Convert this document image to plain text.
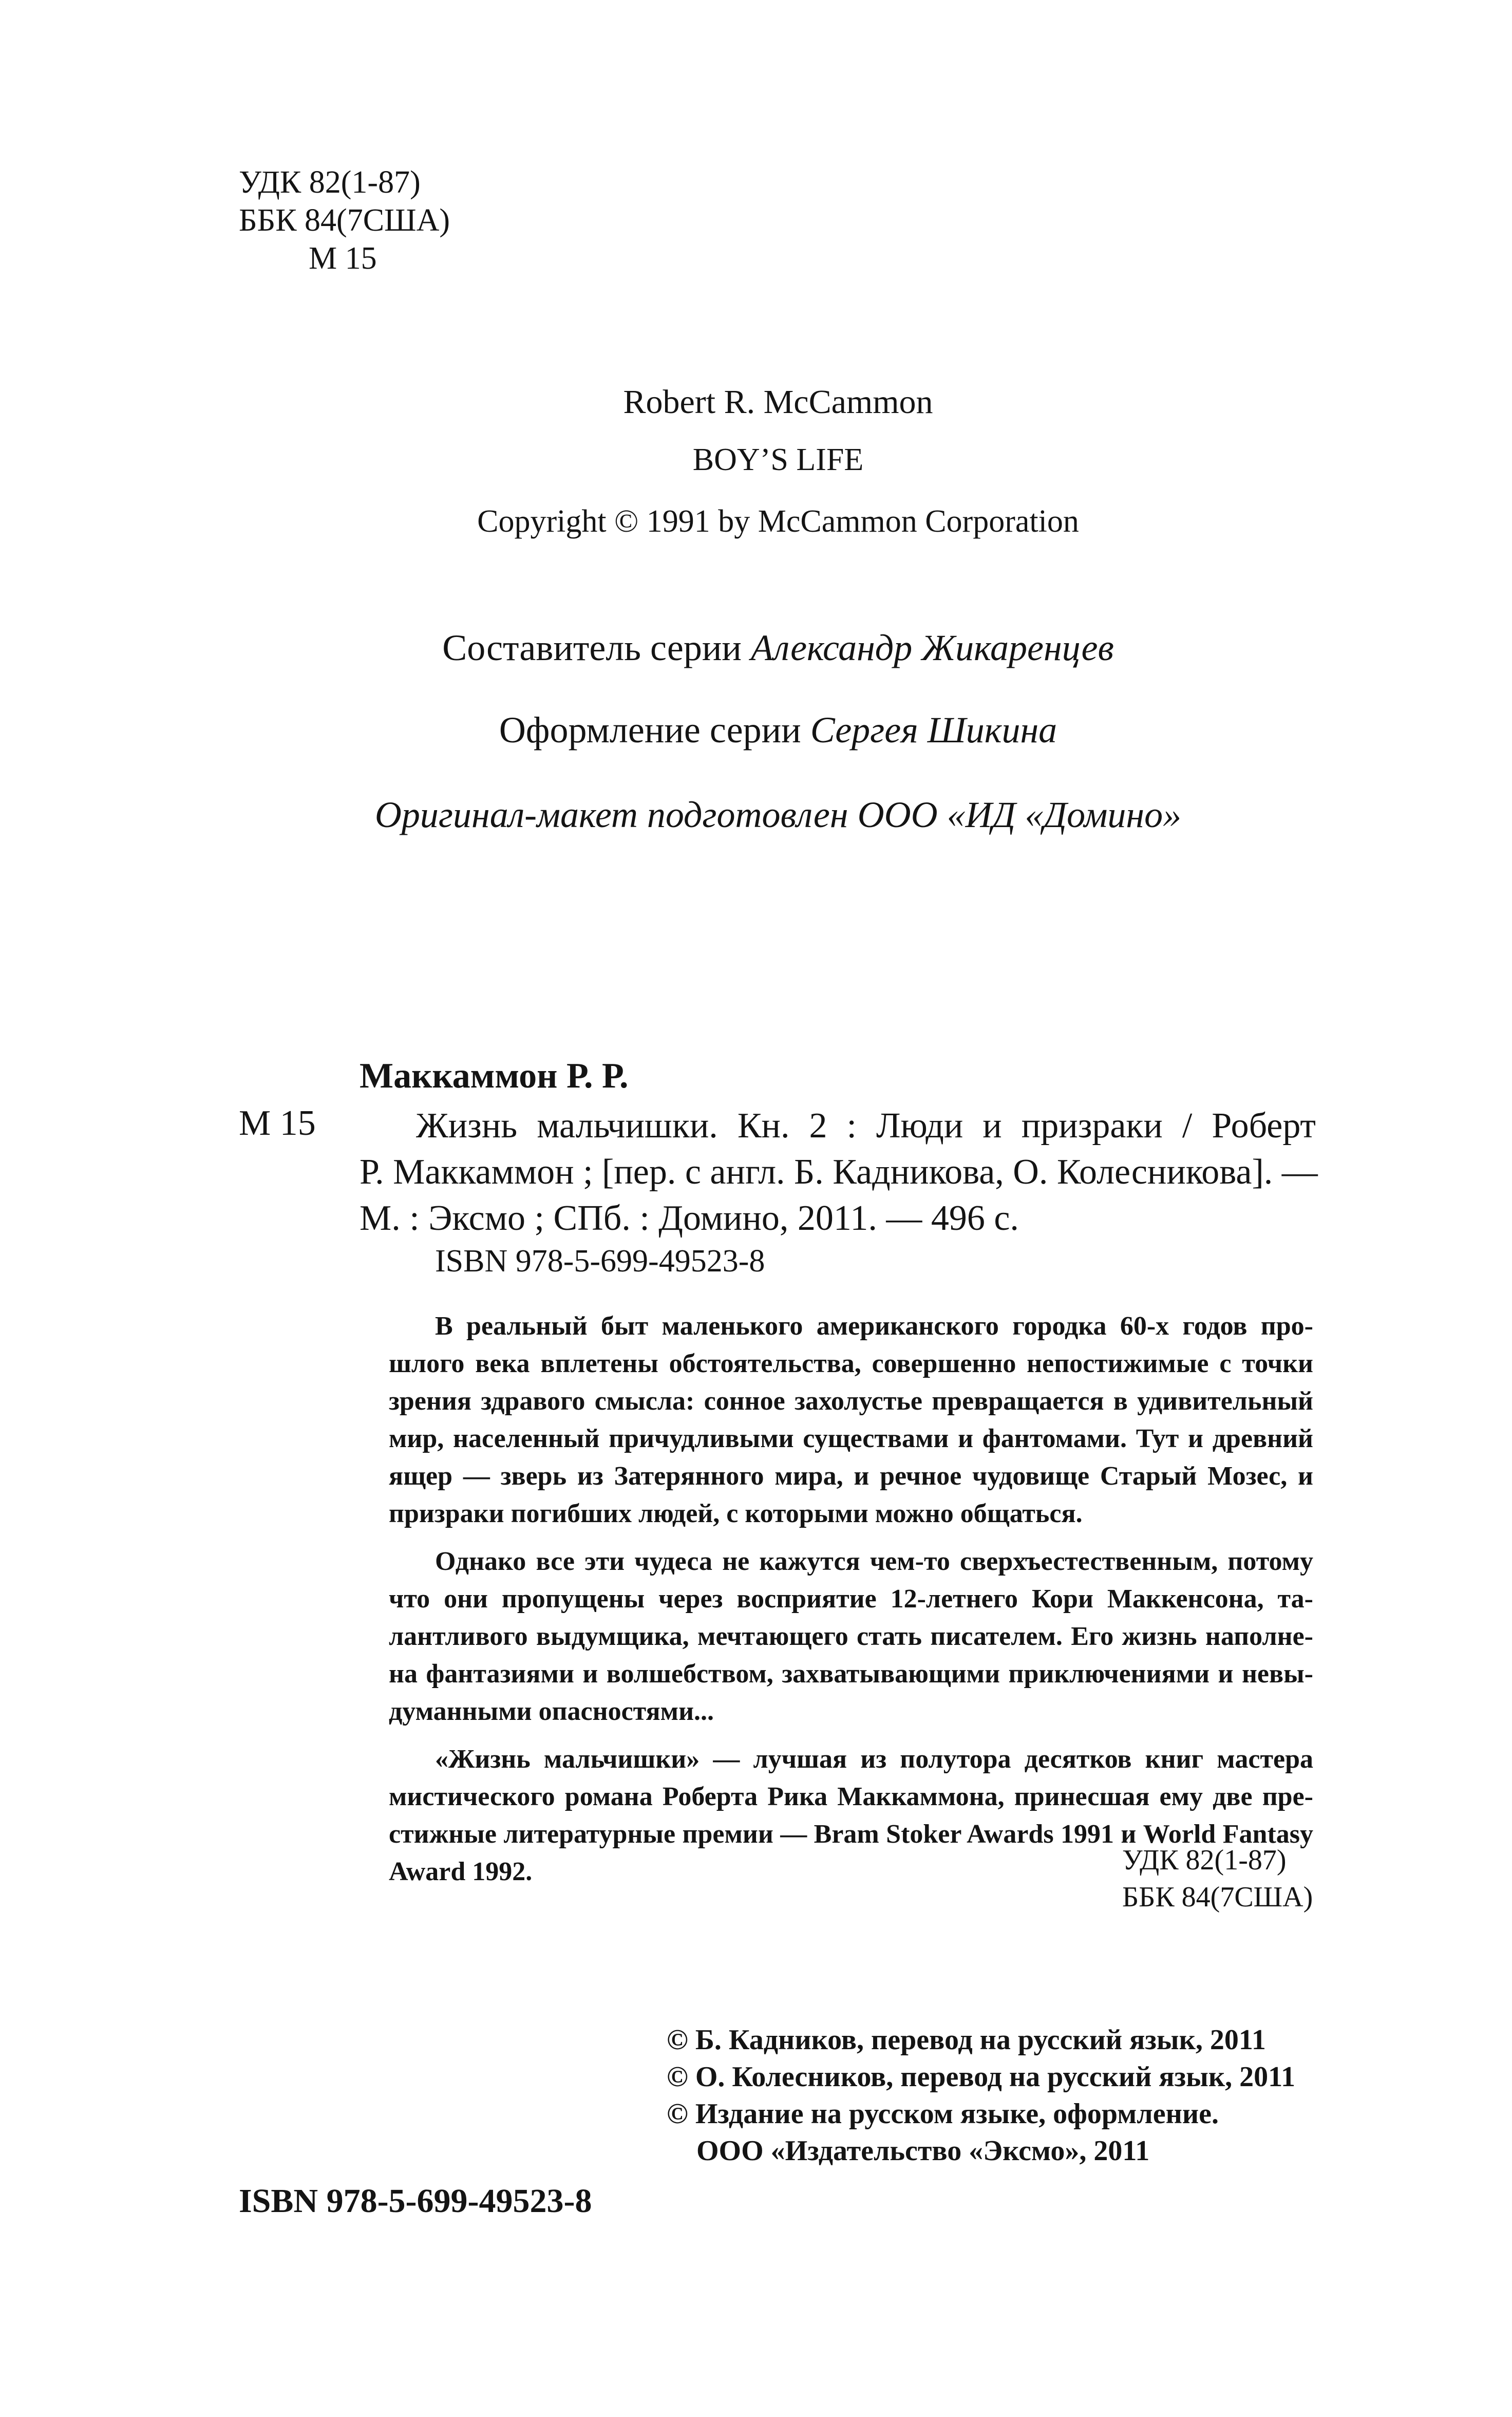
УДК 82(1-87)
ББК 84(7США)
М 15
Robert R. McCammon
BOY’S LIFE
Copyright © 1991 by McCammon Corporation
Составитель серии Александр Жикаренцев
Оформление серии Сергея Шикина
Оригинал-макет подготовлен ООО «ИД «Домино»
Маккаммон Р. Р.
М 15	Жизнь мальчишки. Кн. 2 : Люди и призраки / Роберт
Р. Маккаммон ; [пер. с англ. Б. Кадникова, О. Колесникова]. —
М. : Эксмо ; СПб. : Домино, 2011. — 496 с.
ISBN 978-5-699-49523-8
В реальный быт маленького американского городка 60-х годов про-
шлого века вплетены обстоятельства, совершенно непостижимые с точки
зрения здравого смысла: сонное захолустье превращается в удивительный
мир, населенный причудливыми существами и фантомами. Тут и древний
ящер — зверь из Затерянного мира, и речное чудовище Старый Мозес, и
призраки погибших людей, с которыми можно общаться.
Однако все эти чудеса не кажутся чем-то сверхъестественным, потому
что они пропущены через восприятие 12-летнего Кори Маккенсона, та-
лантливого выдумщика, мечтающего стать писателем. Его жизнь наполне-
на фантазиями и волшебством, захватывающими приключениями и невы-
думанными опасностями...
«Жизнь мальчишки» — лучшая из полутора десятков книг мастера
мистического романа Роберта Рика Маккаммона, принесшая ему две пре-
стижные литературные премии — Bram Stoker Awards 1991 и World Fantasy
Award 1992.	УДК 82(1-87)
ББК 84(7США)
© Б. Кадников, перевод на русский язык, 2011
© О. Колесников, перевод на русский язык, 2011
© Издание на русском языке, оформление.
ООО «Издательство «Эксмо», 2011
ISBN 978-5-699-49523-8
